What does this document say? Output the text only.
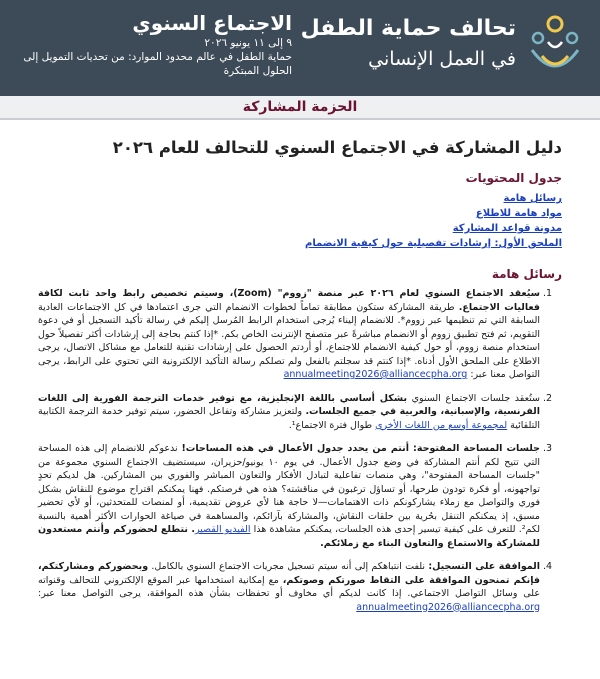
تحالف حماية الطفل
في العمل الإنساني
الاجتماع السنوي
٩ إلى ١١ يونيو ٢٠٢٦
حماية الطفل في عالم محدود الموارد: من تحديات التمويل إلى الحلول المبتكرة
الحزمة المشاركة
دليل المشاركة في الاجتماع السنوي للتحالف للعام ٢٠٢٦
جدول المحتويات
رسائل هامة
مواد هامة للاطلاع
مدونة قواعد المشاركة
الملحق الأول: إرشادات تفصيلية حول كيفية الانضمام
رسائل هامة
1. سيُعقد الاجتماع السنوي لعام ٢٠٢٦ عبر منصة "زووم" (Zoom)، وسيتم تخصيص رابط واحد ثابت لكافة فعاليات الاجتماع. طريقة المشاركة ستكون مطابقة تماماً لخطوات الانضمام التي جرى اعتمادها في كل الاجتماعات العادية السابقة التي تم تنظيمها عبر زووم*. للانضمام إليناء يُرجى استخدام الرابط المُرسل إليكم في رسالة تأكيد التسجيل أو في دعوة التقويم، ثم فتح تطبيق زووم أو الانضمام مباشرةً عبر متصفح الإنترنت الخاص بكم. *إذا كنتم بحاجة إلى إرشادات أكثر تفصيلاً حول استخدام منصة زووم، أو حول كيفية الانضمام للاجتماع، أو أردتم الحصول على إرشادات تقنية للتعامل مع مشاكل الاتصال، يرجى الاطلاع على الملحق الأول أدناه. *إذا كنتم قد سجلتم بالفعل ولم تصلكم رسالة التأكيد الإلكترونية التي تحتوي على الرابط، يرجى التواصل معنا عبر: annualmeeting2026@alliancecpha.org
2. ستُعقد جلسات الاجتماع السنوي بشكل أساسي باللغة الإنجليزية، مع توفير خدمات الترجمة الفورية إلى اللغات الفرنسية، والإسبانية، والعربية في جميع الجلسات. ولتعزيز مشاركة وتفاعل الحضور، سيتم توفير خدمة الترجمة الكتابية التلقائية لمجموعة أوسع من اللغات الأخرى طوال فترة الاجتماع¹.
3. جلسات المساحة المفتوحة: أنتم من يحدد جدول الأعمال في هذه المساحات! ندعوكم للانضمام إلى هذه المساحة التي تتيح لكم أنتم المشاركة في وضع جدول الأعمال. في يوم ١٠ يونيو/حزيران، سيستضيف الاجتماع السنوي مجموعة من "جلسات المساحة المفتوحة"، وهي منصات تفاعلية لتبادل الأفكار والتعاون المباشر والفوري بين المشاركين. هل لديكم تحدٍ تواجهونه، أو فكرة تودون طرحها، أو تساؤل ترغبون في مناقشته؟ هذه هي فرصتكم. فهنا يمكنكم اقتراح موضوع للنقاش بشكل فوري والتواصل مع زملاء يشاركونكم ذات الاهتمامات—لا حاجة هنا لأي عروض تقديمية، أو لمنصات للمتحدثين، أو لأي تحضير مسبق، إذ يمكنكم التنقل بحُرية بين حلقات النقاش، والمشاركة بآرائكم، والمساهمة في صياغة الحوارات الأكثر أهمية بالنسبة لكم². للتعرف على كيفية تيسير إحدى هذه الجلسات، يمكنكم مشاهدة هذا الفيديو القصير. نتطلع لحضوركم وأنتم مستعدون للمشاركة والاستماع والتعاون البناء مع زملائكم.
4. الموافقة على التسجيل: نلفت انتباهكم إلى أنه سيتم تسجيل مجريات الاجتماع السنوي بالكامل. وبحضوركم ومشاركتكم، فإنكم تمنحون الموافقة على التقاط صورتكم وصوتكم، مع إمكانية استخدامها عبر الموقع الإلكتروني للتحالف وقنواته على وسائل التواصل الاجتماعي. إذا كانت لديكم أي مخاوف أو تحفظات بشأن هذه الموافقة، يرجى التواصل معنا عبر: annualmeeting2026@alliancecpha.org
